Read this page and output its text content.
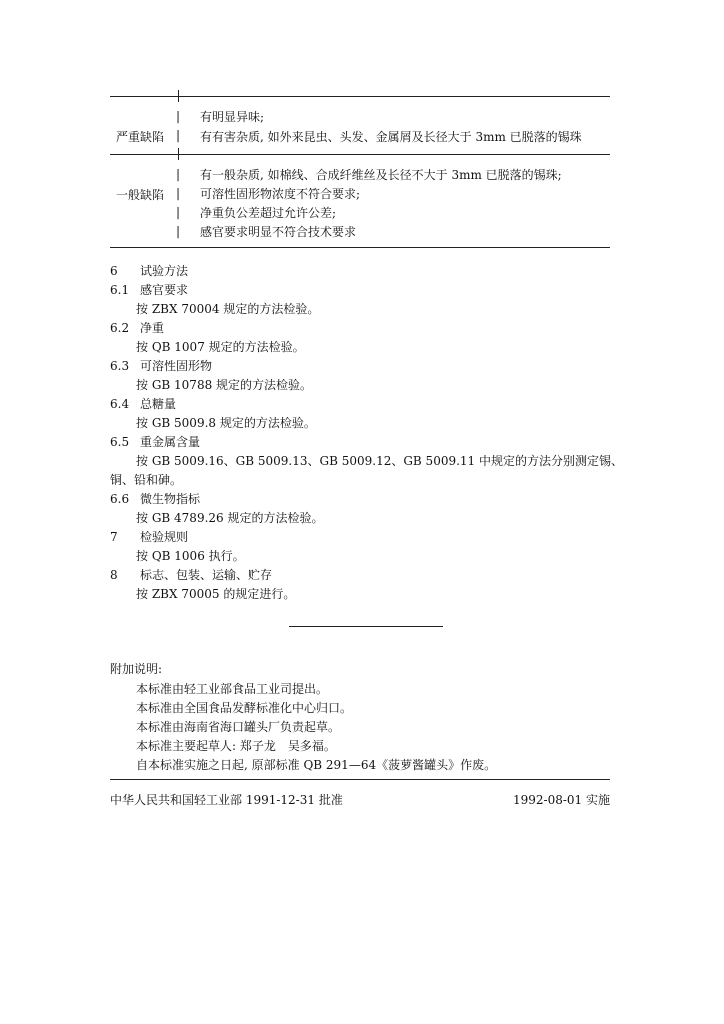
| 有明显异味;
严重缺陷 | 有有害杂质, 如外来昆虫、头发、金属屑及长径大于 3mm 已脱落的锡珠
| 有一般杂质, 如棉线、合成纤维丝及长径不大于 3mm 已脱落的锡珠;
一般缺陷 | 可溶性固形物浓度不符合要求;
| 净重负公差超过允许公差;
| 感官要求明显不符合技术要求
6 试验方法
6.1 感官要求
按 ZBX 70004 规定的方法检验。
6.2 净重
按 QB 1007 规定的方法检验。
6.3 可溶性固形物
按 GB 10788 规定的方法检验。
6.4 总糖量
按 GB 5009.8 规定的方法检验。
6.5 重金属含量
按 GB 5009.16、GB 5009.13、GB 5009.12、GB 5009.11 中规定的方法分别测定锡、
铜、铅和砷。
6.6 微生物指标
按 GB 4789.26 规定的方法检验。
7 检验规则
按 QB 1006 执行。
8 标志、包装、运输、贮存
按 ZBX 70005 的规定进行。
附加说明:
本标准由轻工业部食品工业司提出。
本标准由全国食品发酵标准化中心归口。
本标准由海南省海口罐头厂负责起草。
本标准主要起草人: 郑子龙　吴多福。
自本标准实施之日起, 原部标准 QB 291—64《菠萝酱罐头》作废。
中华人民共和国轻工业部 1991-12-31 批准	1992-08-01 实施
